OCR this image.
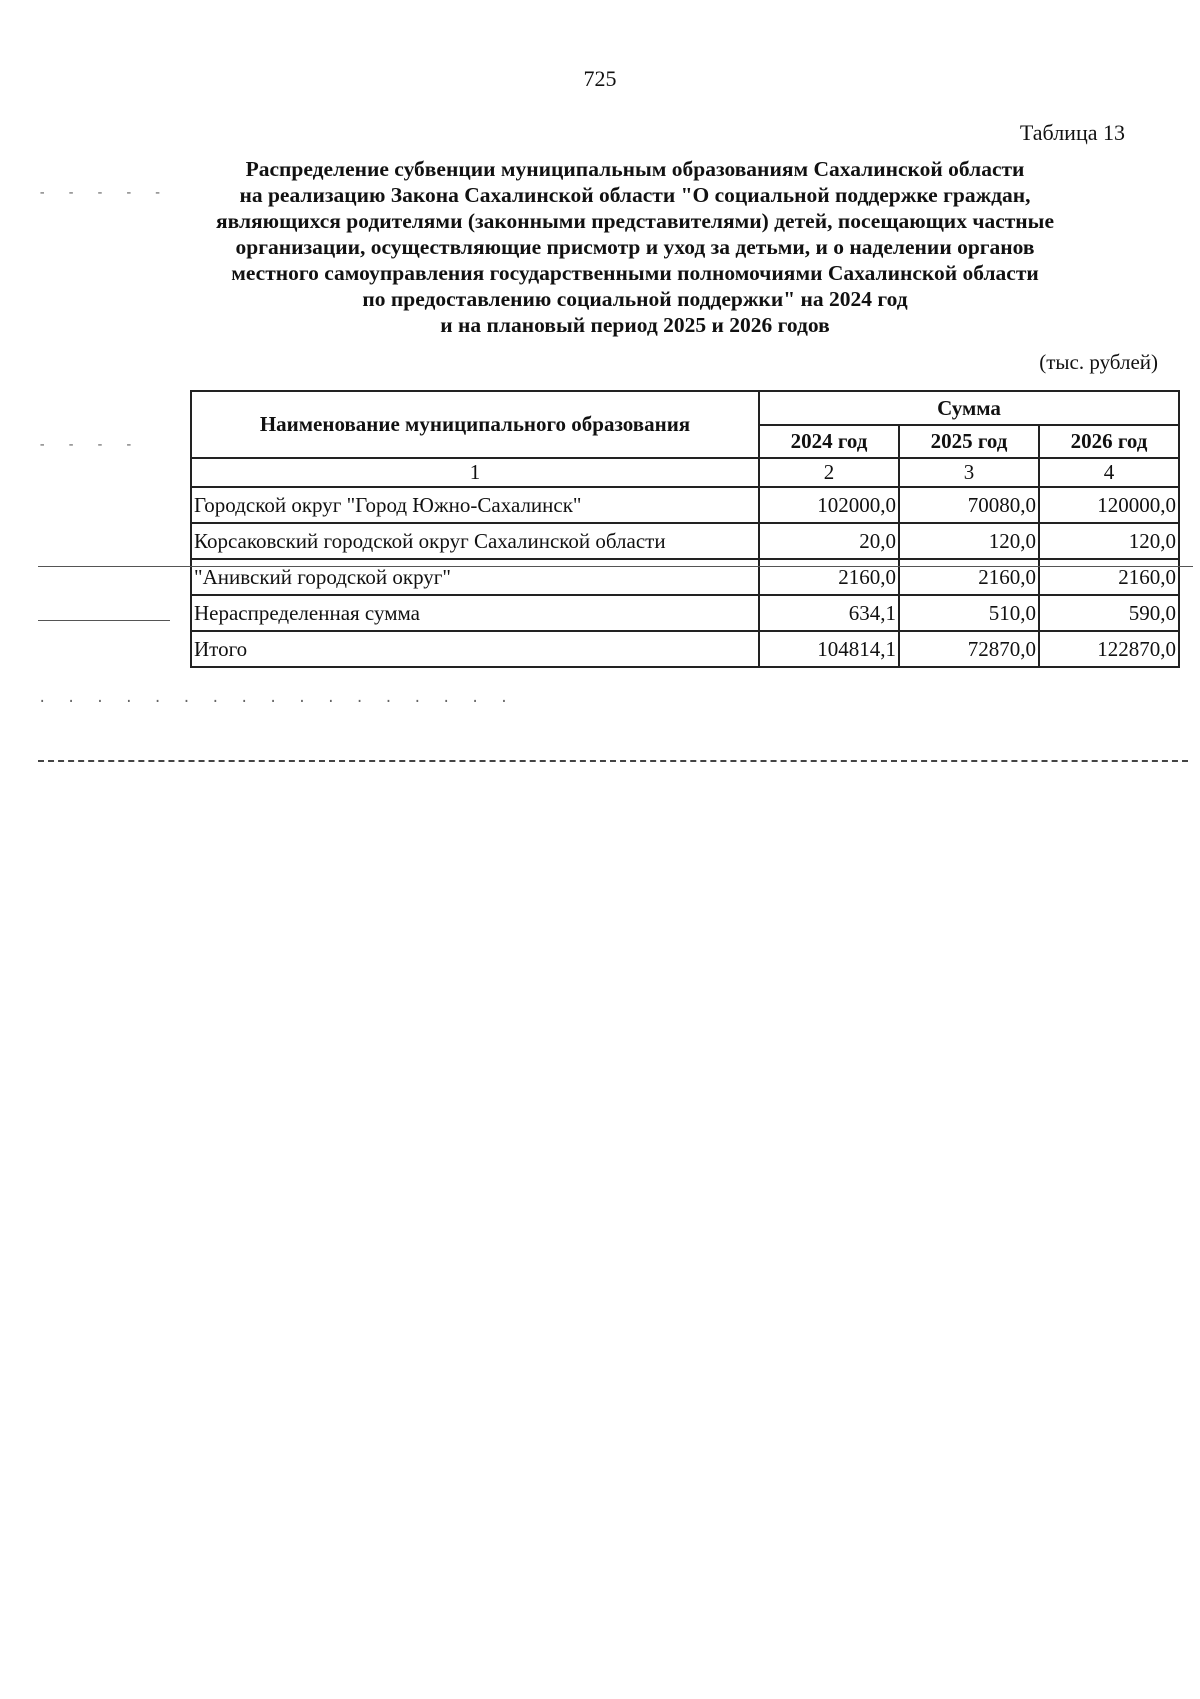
725
Таблица 13
Распределение субвенции муниципальным образованиям Сахалинской области
на реализацию Закона Сахалинской области "О социальной поддержке граждан,
являющихся родителями (законными представителями) детей, посещающих частные
организации, осуществляющие присмотр и уход за детьми, и о наделении органов
местного самоуправления государственными полномочиями Сахалинской области
по предоставлению социальной поддержки" на 2024 год
и на плановый период 2025 и 2026 годов
(тыс. рублей)
Наименование муниципального образования	Сумма		
	2024 год	2025 год	2026 год
1	2	3	4
Городской округ "Город Южно-Сахалинск"	102000,0	70080,0	120000,0
Корсаковский городской округ Сахалинской области	20,0	120,0	120,0
"Анивский городской округ"	2160,0	2160,0	2160,0
Нераспределенная сумма	634,1	510,0	590,0
Итого	104814,1	72870,0	122870,0
- - - - -
- - - -
. . . . . . . . . . . . . . . . .
